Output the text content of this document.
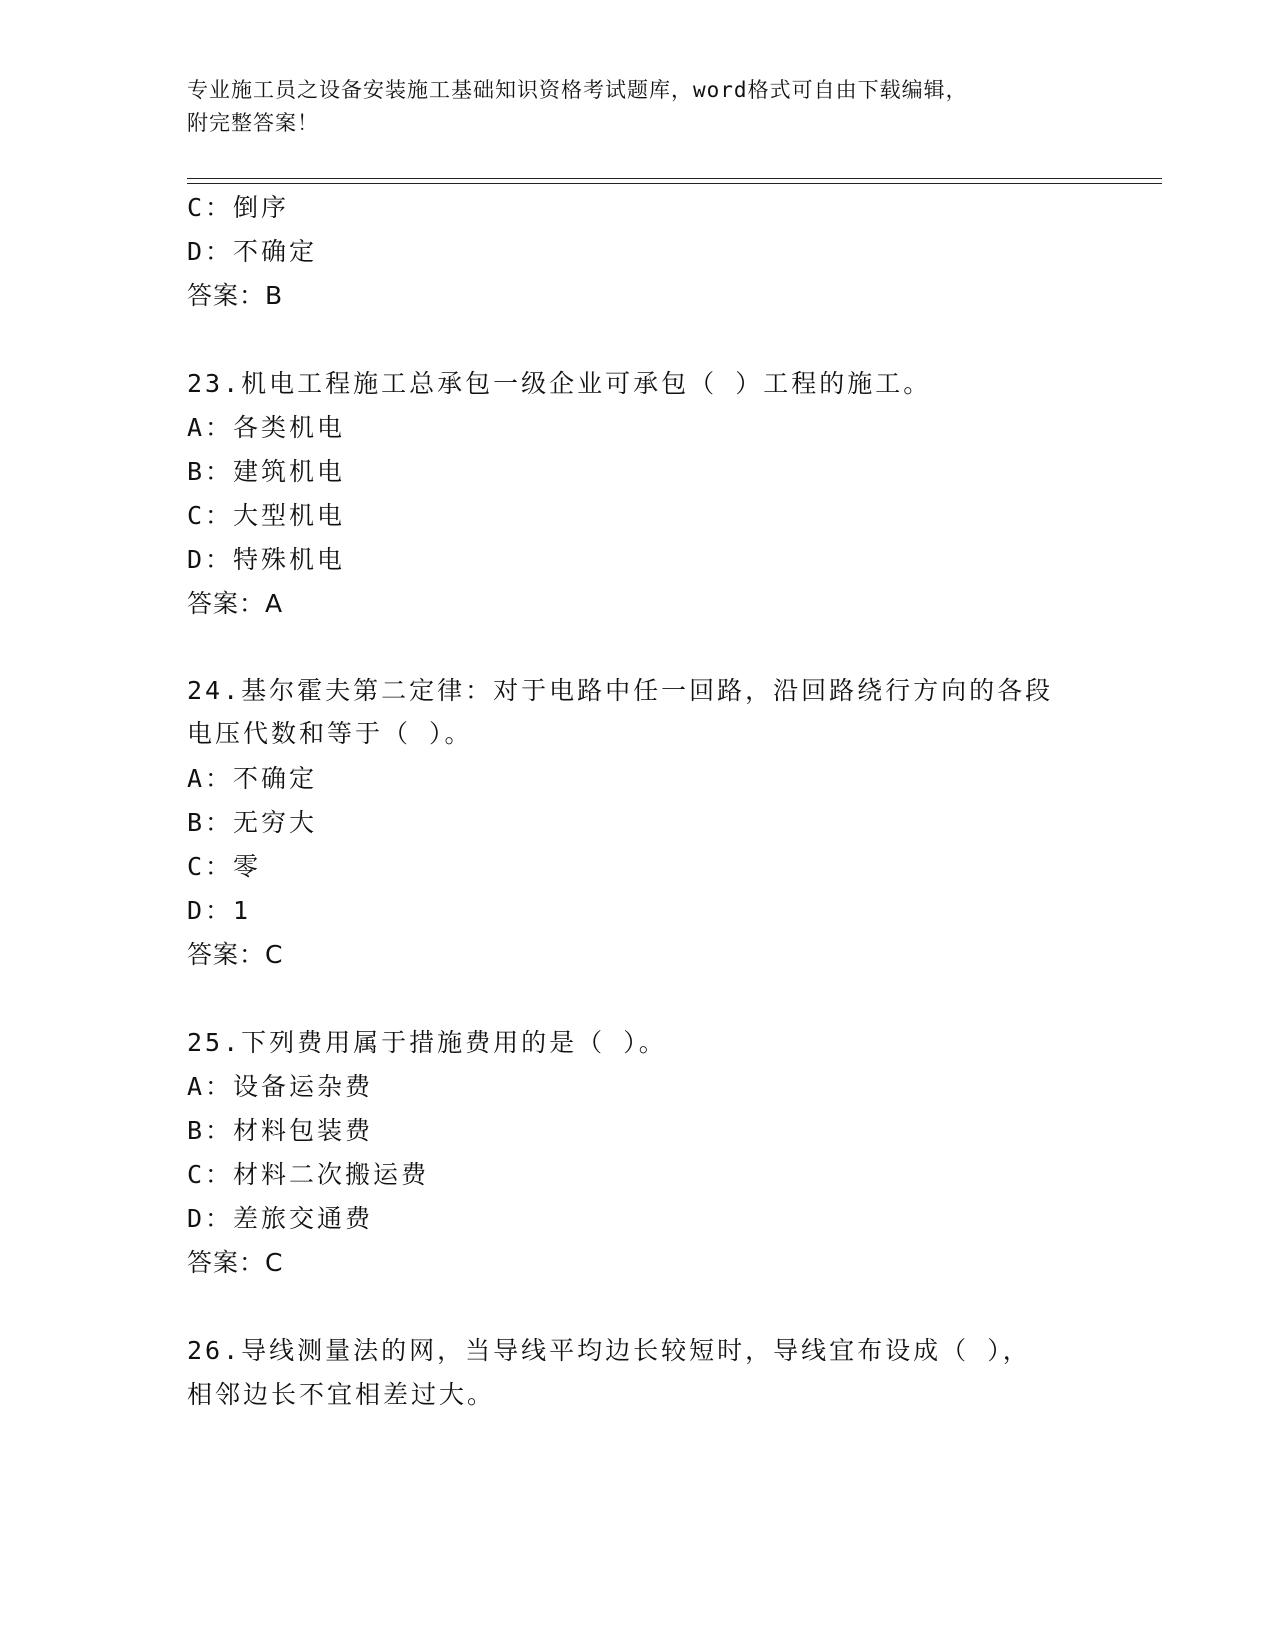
专业施工员之设备安装施工基础知识资格考试题库，word格式可自由下载编辑，
附完整答案！
C：倒序
D：不确定
答案：B
23.机电工程施工总承包一级企业可承包（ ）工程的施工。
A：各类机电
B：建筑机电
C：大型机电
D：特殊机电
答案：A
24.基尔霍夫第二定律：对于电路中任一回路，沿回路绕行方向的各段
电压代数和等于（ ）。
A：不确定
B：无穷大
C：零
D：1
答案：C
25.下列费用属于措施费用的是（ ）。
A：设备运杂费
B：材料包装费
C：材料二次搬运费
D：差旅交通费
答案：C
26.导线测量法的网，当导线平均边长较短时，导线宜布设成（ ），
相邻边长不宜相差过大。
